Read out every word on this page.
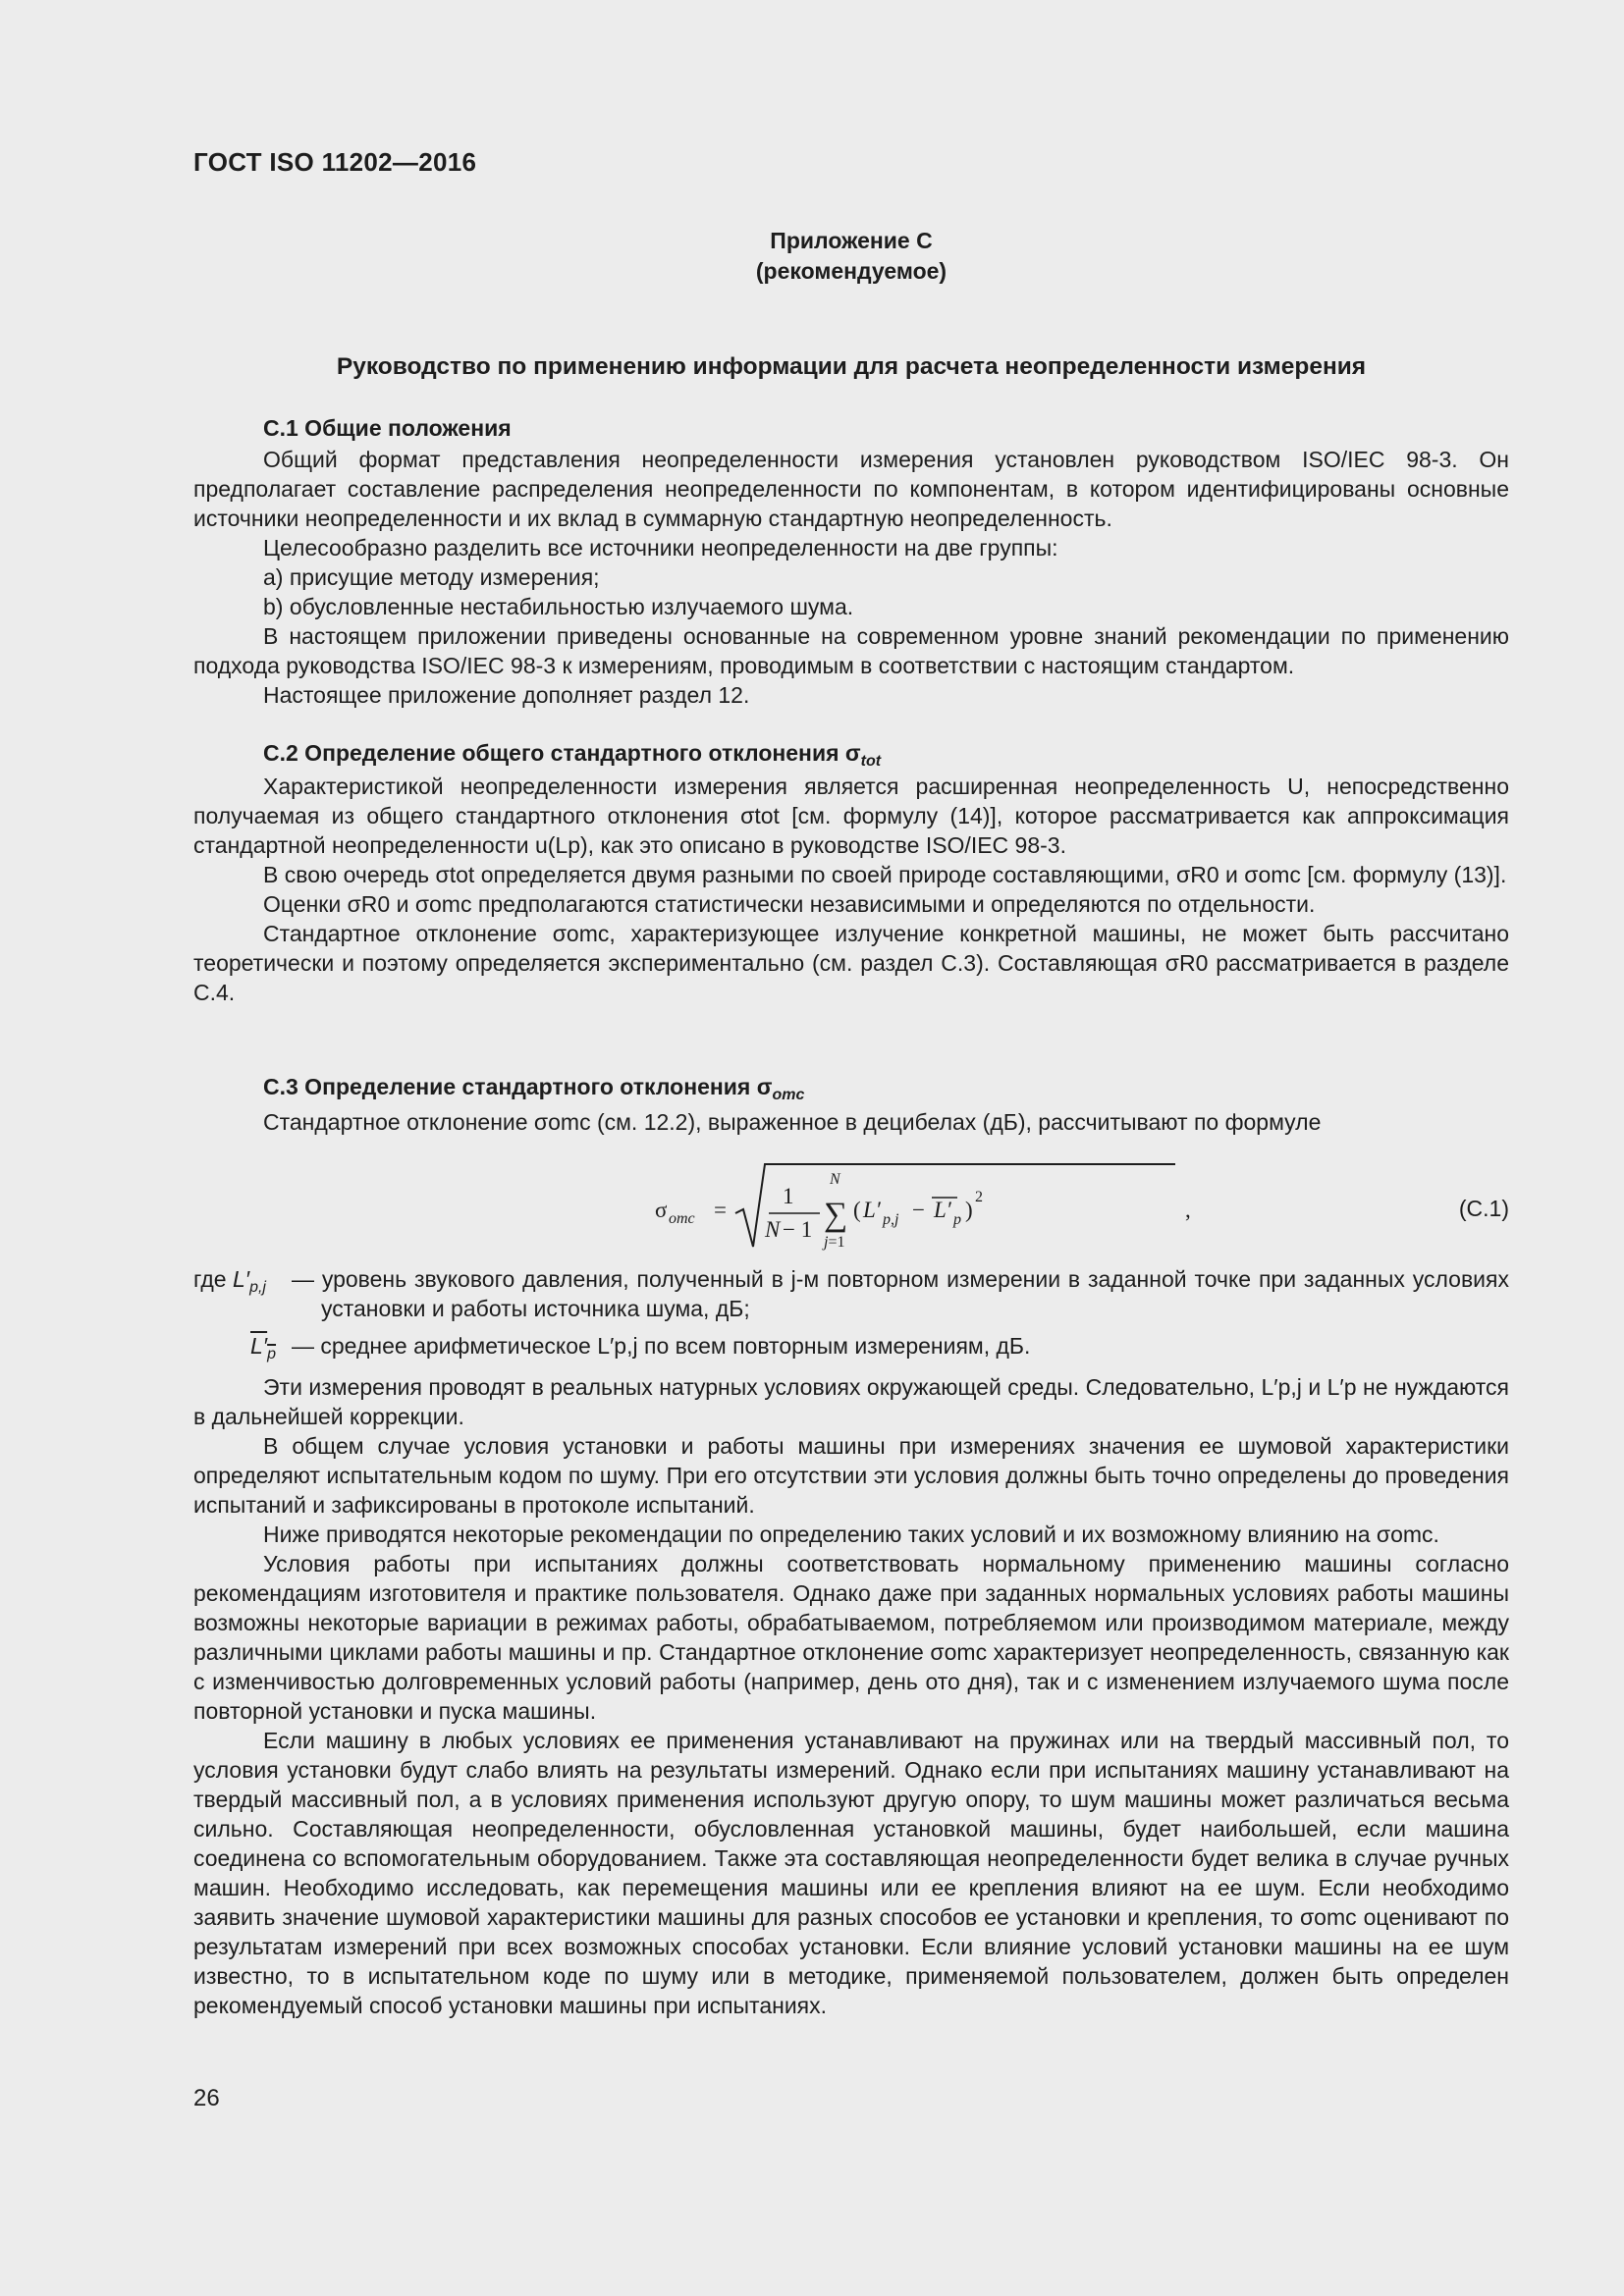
ГОСТ ISO 11202—2016
Приложение С
(рекомендуемое)
Руководство по применению информации для расчета неопределенности измерения

С.1 Общие положения

Общий формат представления неопределенности измерения установлен руководством ISO/IEC 98-3. Он предполагает составление распределения неопределенности по компонентам, в котором идентифицированы основные источники неопределенности и их вклад в суммарную стандартную неопределенность.

Целесообразно разделить все источники неопределенности на две группы:

a) присущие методу измерения;

b) обусловленные нестабильностью излучаемого шума.

В настоящем приложении приведены основанные на современном уровне знаний рекомендации по применению подхода руководства ISO/IEC 98-3 к измерениям, проводимым в соответствии с настоящим стандартом.

Настоящее приложение дополняет раздел 12.

С.2 Определение общего стандартного отклонения $\sigma_{tot}$

Характеристикой неопределенности измерения является расширенная неопределенность U, непосредственно получаемая из общего стандартного отклонения σtot [см. формулу (14)], которое рассматривается как аппроксимация стандартной неопределенности u(Lp), как это описано в руководстве ISO/IEC 98-3.

В свою очередь σtot определяется двумя разными по своей природе составляющими, σR0 и σomc [см. формулу (13)].

Оценки σR0 и σomc предполагаются статистически независимыми и определяются по отдельности.

Стандартное отклонение σomc, характеризующее излучение конкретной машины, не может быть рассчитано теоретически и поэтому определяется экспериментально (см. раздел С.3). Составляющая σR0 рассматривается в разделе С.4.

С.3 Определение стандартного отклонения $\sigma_{omc}$

Стандартное отклонение σomc (см. 12.2), выраженное в децибелах (дБ), рассчитывают по формуле

σ omc =
1
N − 1
N
∑
j=1
( L′ p,j − L′ p )
2
,	(С.1)
где $L'_{p,j}$	— уровень звукового давления, полученный в j-м повторном измерении в заданной точке при заданных условиях установки и работы источника шума, дБ;

$L'_p$ — среднее арифметическое L′p,j по всем повторным измерениям, дБ.

Эти измерения проводят в реальных натурных условиях окружающей среды. Следовательно, L′p,j и L′p не нуждаются в дальнейшей коррекции.

В общем случае условия установки и работы машины при измерениях значения ее шумовой характеристики определяют испытательным кодом по шуму. При его отсутствии эти условия должны быть точно определены до проведения испытаний и зафиксированы в протоколе испытаний.

Ниже приводятся некоторые рекомендации по определению таких условий и их возможному влиянию на σomc.

Условия работы при испытаниях должны соответствовать нормальному применению машины согласно рекомендациям изготовителя и практике пользователя. Однако даже при заданных нормальных условиях работы машины возможны некоторые вариации в режимах работы, обрабатываемом, потребляемом или производимом материале, между различными циклами работы машины и пр. Стандартное отклонение σomc характеризует неопределенность, связанную как с изменчивостью долговременных условий работы (например, день ото дня), так и с изменением излучаемого шума после повторной установки и пуска машины.

Если машину в любых условиях ее применения устанавливают на пружинах или на твердый массивный пол, то условия установки будут слабо влиять на результаты измерений. Однако если при испытаниях машину устанавливают на твердый массивный пол, а в условиях применения используют другую опору, то шум машины может различаться весьма сильно. Составляющая неопределенности, обусловленная установкой машины, будет наибольшей, если машина соединена со вспомогательным оборудованием. Также эта составляющая неопределенности будет велика в случае ручных машин. Необходимо исследовать, как перемещения машины или ее крепления влияют на ее шум. Если необходимо заявить значение шумовой характеристики машины для разных способов ее установки и крепления, то σomc оценивают по результатам измерений при всех возможных способах установки. Если влияние условий установки машины на ее шум известно, то в испытательном коде по шуму или в методике, применяемой пользователем, должен быть определен рекомендуемый способ установки машины при испытаниях.

26
